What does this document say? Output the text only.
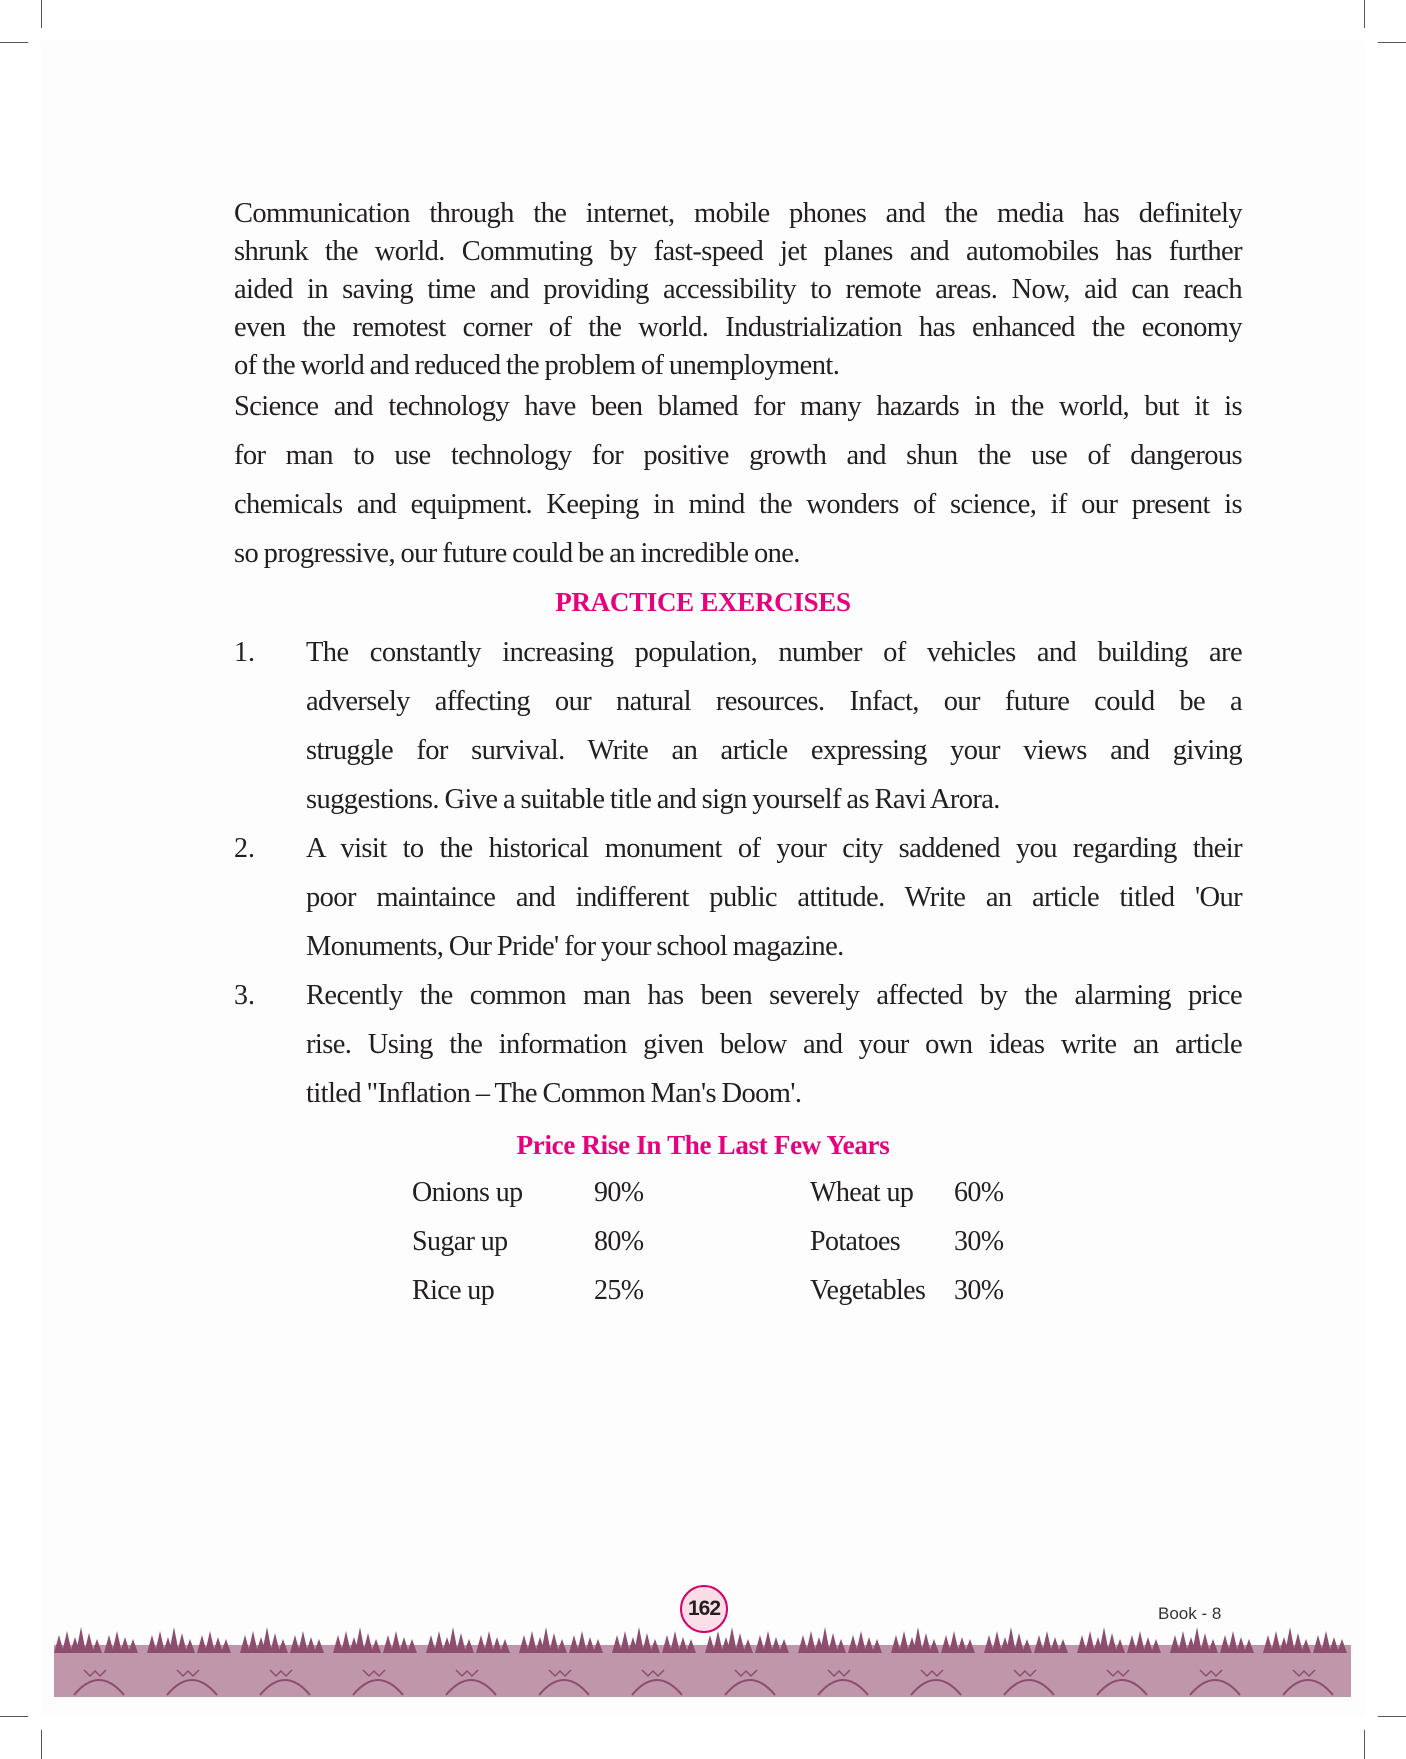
Communication through the internet, mobile phones and the media has definitely
shrunk the world. Commuting by fast-speed jet planes and automobiles has further
aided in saving time and providing accessibility to remote areas. Now, aid can reach
even the remotest corner of the world. Industrialization has enhanced the economy
of the world and reduced the problem of unemployment.
Science and technology have been blamed for many hazards in the world, but it is
for man to use technology for positive growth and shun the use of dangerous
chemicals and equipment. Keeping in mind the wonders of science, if our present is
so progressive, our future could be an incredible one.
PRACTICE EXERCISES
1. The constantly increasing population, number of vehicles and building are
adversely affecting our natural resources. Infact, our future could be a
struggle for survival. Write an article expressing your views and giving
suggestions. Give a suitable title and sign yourself as Ravi Arora.
2. A visit to the historical monument of your city saddened you regarding their
poor maintaince and indifferent public attitude. Write an article titled 'Our
Monuments, Our Pride' for your school magazine.
3. Recently the common man has been severely affected by the alarming price
rise. Using the information given below and your own ideas write an article
titled "Inflation – The Common Man's Doom'.
Price Rise In The Last Few Years
Onions up	90%	Wheat up 60%
Sugar up	80%	Potatoes 30%
Rice up	25%	Vegetables 30%
162	Book - 8
